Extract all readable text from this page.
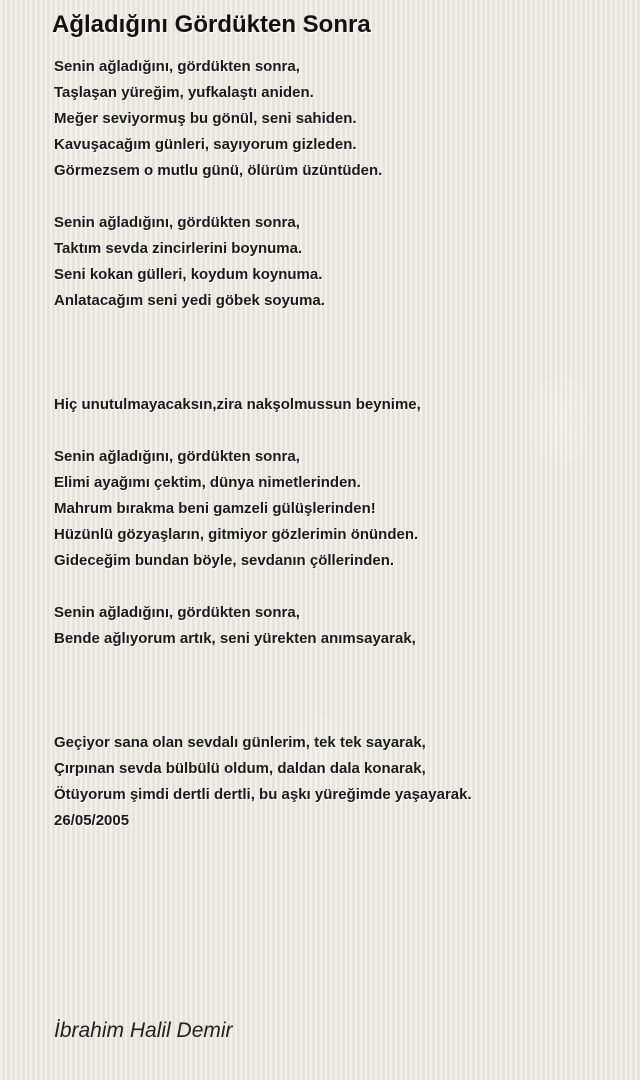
Ağladığını Gördükten Sonra
Senin ağladığını, gördükten sonra,
Taşlaşan yüreğim, yufkalaştı aniden.
Meğer seviyormuş bu gönül, seni sahiden.
Kavuşacağım günleri, sayıyorum gizleden.
Görmezsem o mutlu günü, ölürüm üzüntüden.
Senin ağladığını, gördükten sonra,
Taktım sevda zincirlerini boynuma.
Seni kokan gülleri, koydum koynuma.
Anlatacağım seni yedi göbek soyuma.
Hiç unutulmayacaksın,zira nakşolmussun beynime,
Senin ağladığını, gördükten sonra,
Elimi ayağımı çektim, dünya nimetlerinden.
Mahrum bırakma beni gamzeli gülüşlerinden!
Hüzünlü gözyaşların, gitmiyor gözlerimin önünden.
Gideceğim bundan böyle, sevdanın çöllerinden.
Senin ağladığını, gördükten sonra,
Bende ağlıyorum artık, seni yürekten anımsayarak,
Geçiyor sana olan sevdalı günlerim, tek tek sayarak,
Çırpınan sevda bülbülü oldum, daldan dala konarak,
Ötüyorum şimdi dertli dertli, bu aşkı yüreğimde yaşayarak.
26/05/2005
İbrahim Halil Demir
